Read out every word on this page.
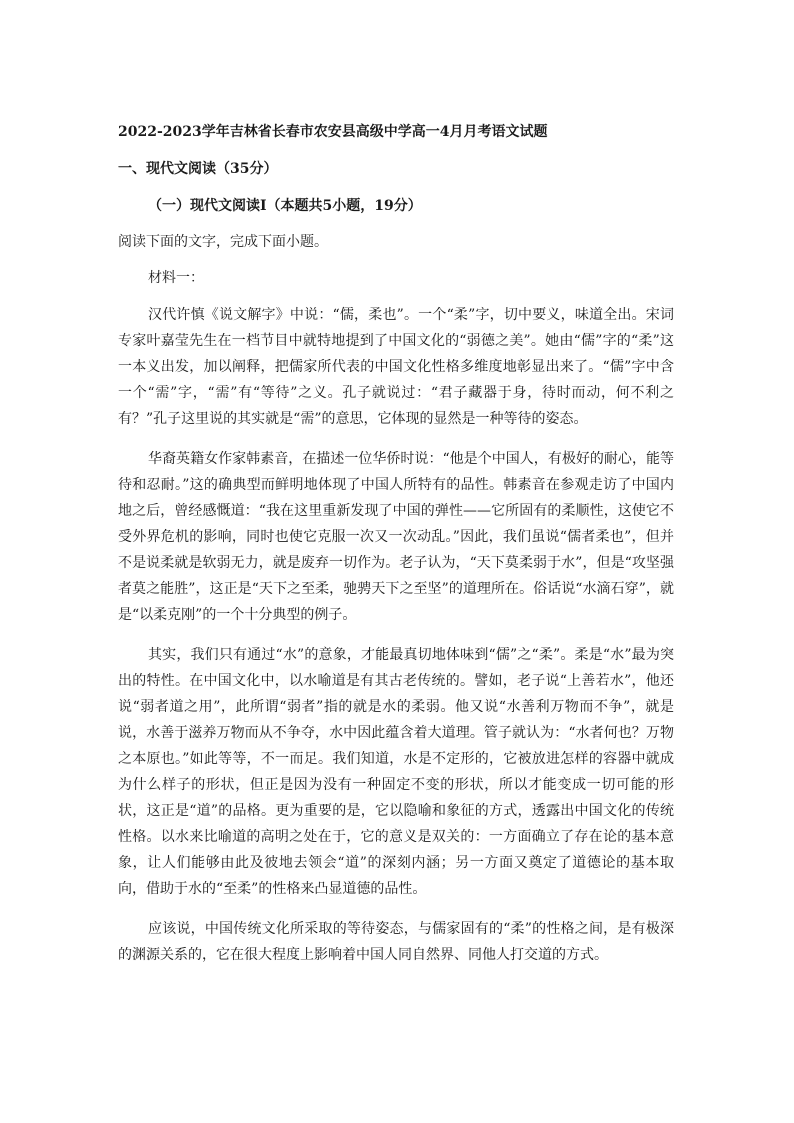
2022-2023学年吉林省长春市农安县高级中学高一4月月考语文试题

一、现代文阅读（35分）

（一）现代文阅读Ⅰ（本题共5小题，19分）

阅读下面的文字，完成下面小题。

材料一：

汉代许慎《说文解字》中说：“儒，柔也”。一个“柔”字，切中要义，味道全出。宋词专家叶嘉莹先生在一档节目中就特地提到了中国文化的“弱德之美”。她由“儒”字的“柔”这一本义出发，加以阐释，把儒家所代表的中国文化性格多维度地彰显出来了。“儒”字中含一个“需”字，“需”有“等待”之义。孔子就说过：“君子藏器于身，待时而动，何不利之有？”孔子这里说的其实就是“需”的意思，它体现的显然是一种等待的姿态。

华裔英籍女作家韩素音，在描述一位华侨时说：“他是个中国人，有极好的耐心，能等待和忍耐。”这的确典型而鲜明地体现了中国人所特有的品性。韩素音在参观走访了中国内地之后，曾经感慨道：“我在这里重新发现了中国的弹性——它所固有的柔顺性，这使它不受外界危机的影响，同时也使它克服一次又一次动乱。”因此，我们虽说“儒者柔也”，但并不是说柔就是软弱无力，就是废弃一切作为。老子认为，“天下莫柔弱于水”，但是“攻坚强者莫之能胜”，这正是“天下之至柔，驰骋天下之至坚”的道理所在。俗话说“水滴石穿”，就是“以柔克刚”的一个十分典型的例子。

其实，我们只有通过“水”的意象，才能最真切地体味到“儒”之“柔”。柔是“水”最为突出的特性。在中国文化中，以水喻道是有其古老传统的。譬如，老子说“上善若水”，他还说“弱者道之用”，此所谓“弱者”指的就是水的柔弱。他又说“水善利万物而不争”，就是说，水善于滋养万物而从不争夺，水中因此蕴含着大道理。管子就认为：“水者何也？万物之本原也。”如此等等，不一而足。我们知道，水是不定形的，它被放进怎样的容器中就成为什么样子的形状，但正是因为没有一种固定不变的形状，所以才能变成一切可能的形状，这正是“道”的品格。更为重要的是，它以隐喻和象征的方式，透露出中国文化的传统性格。以水来比喻道的高明之处在于，它的意义是双关的：一方面确立了存在论的基本意象，让人们能够由此及彼地去领会“道”的深刻内涵；另一方面又奠定了道德论的基本取向，借助于水的“至柔”的性格来凸显道德的品性。

应该说，中国传统文化所采取的等待姿态，与儒家固有的“柔”的性格之间，是有极深的渊源关系的，它在很大程度上影响着中国人同自然界、同他人打交道的方式。
